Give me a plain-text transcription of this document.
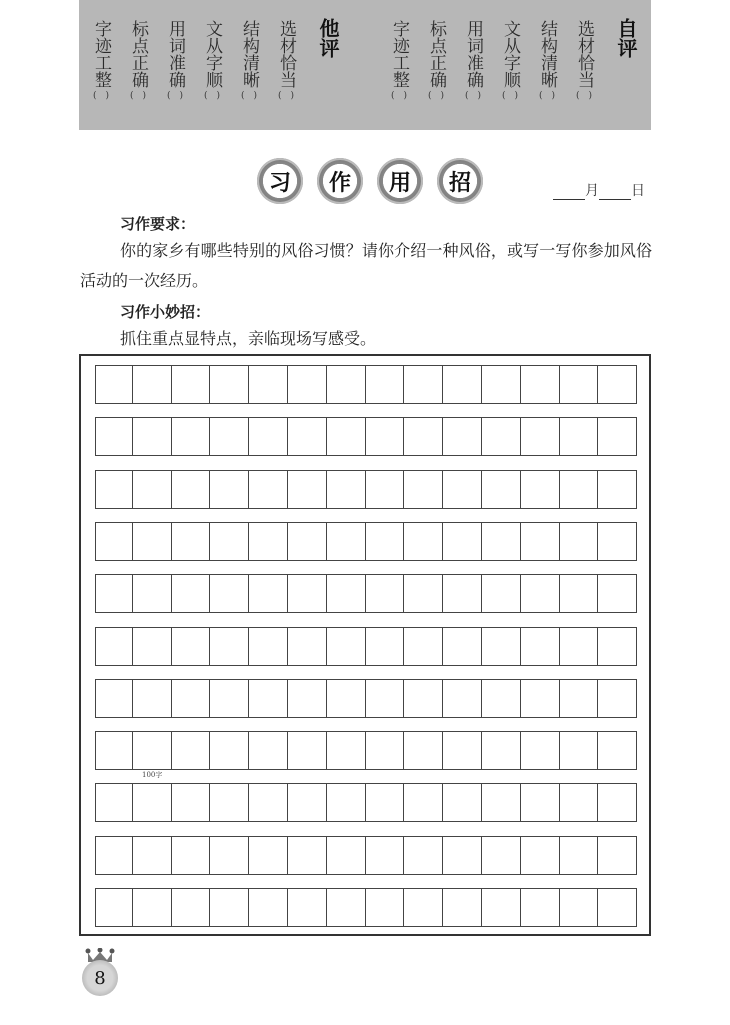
字迹工整
(　)
标点正确
(　)
用词准确
(　)
文从字顺
(　)
结构清晰
(　)
选材恰当
(　)
他评	字迹工整
(　)
标点正确
(　)
用词准确
(　)
文从字顺
(　)
结构清晰
(　)
选材恰当
(　)
自评
习 作 用 招	月 日
习作要求：

你的家乡有哪些特别的风俗习惯？请你介绍一种风俗，或写一写你参加风俗活动的一次经历。

习作小妙招：

抓住重点显特点，亲临现场写感受。

100字
8
